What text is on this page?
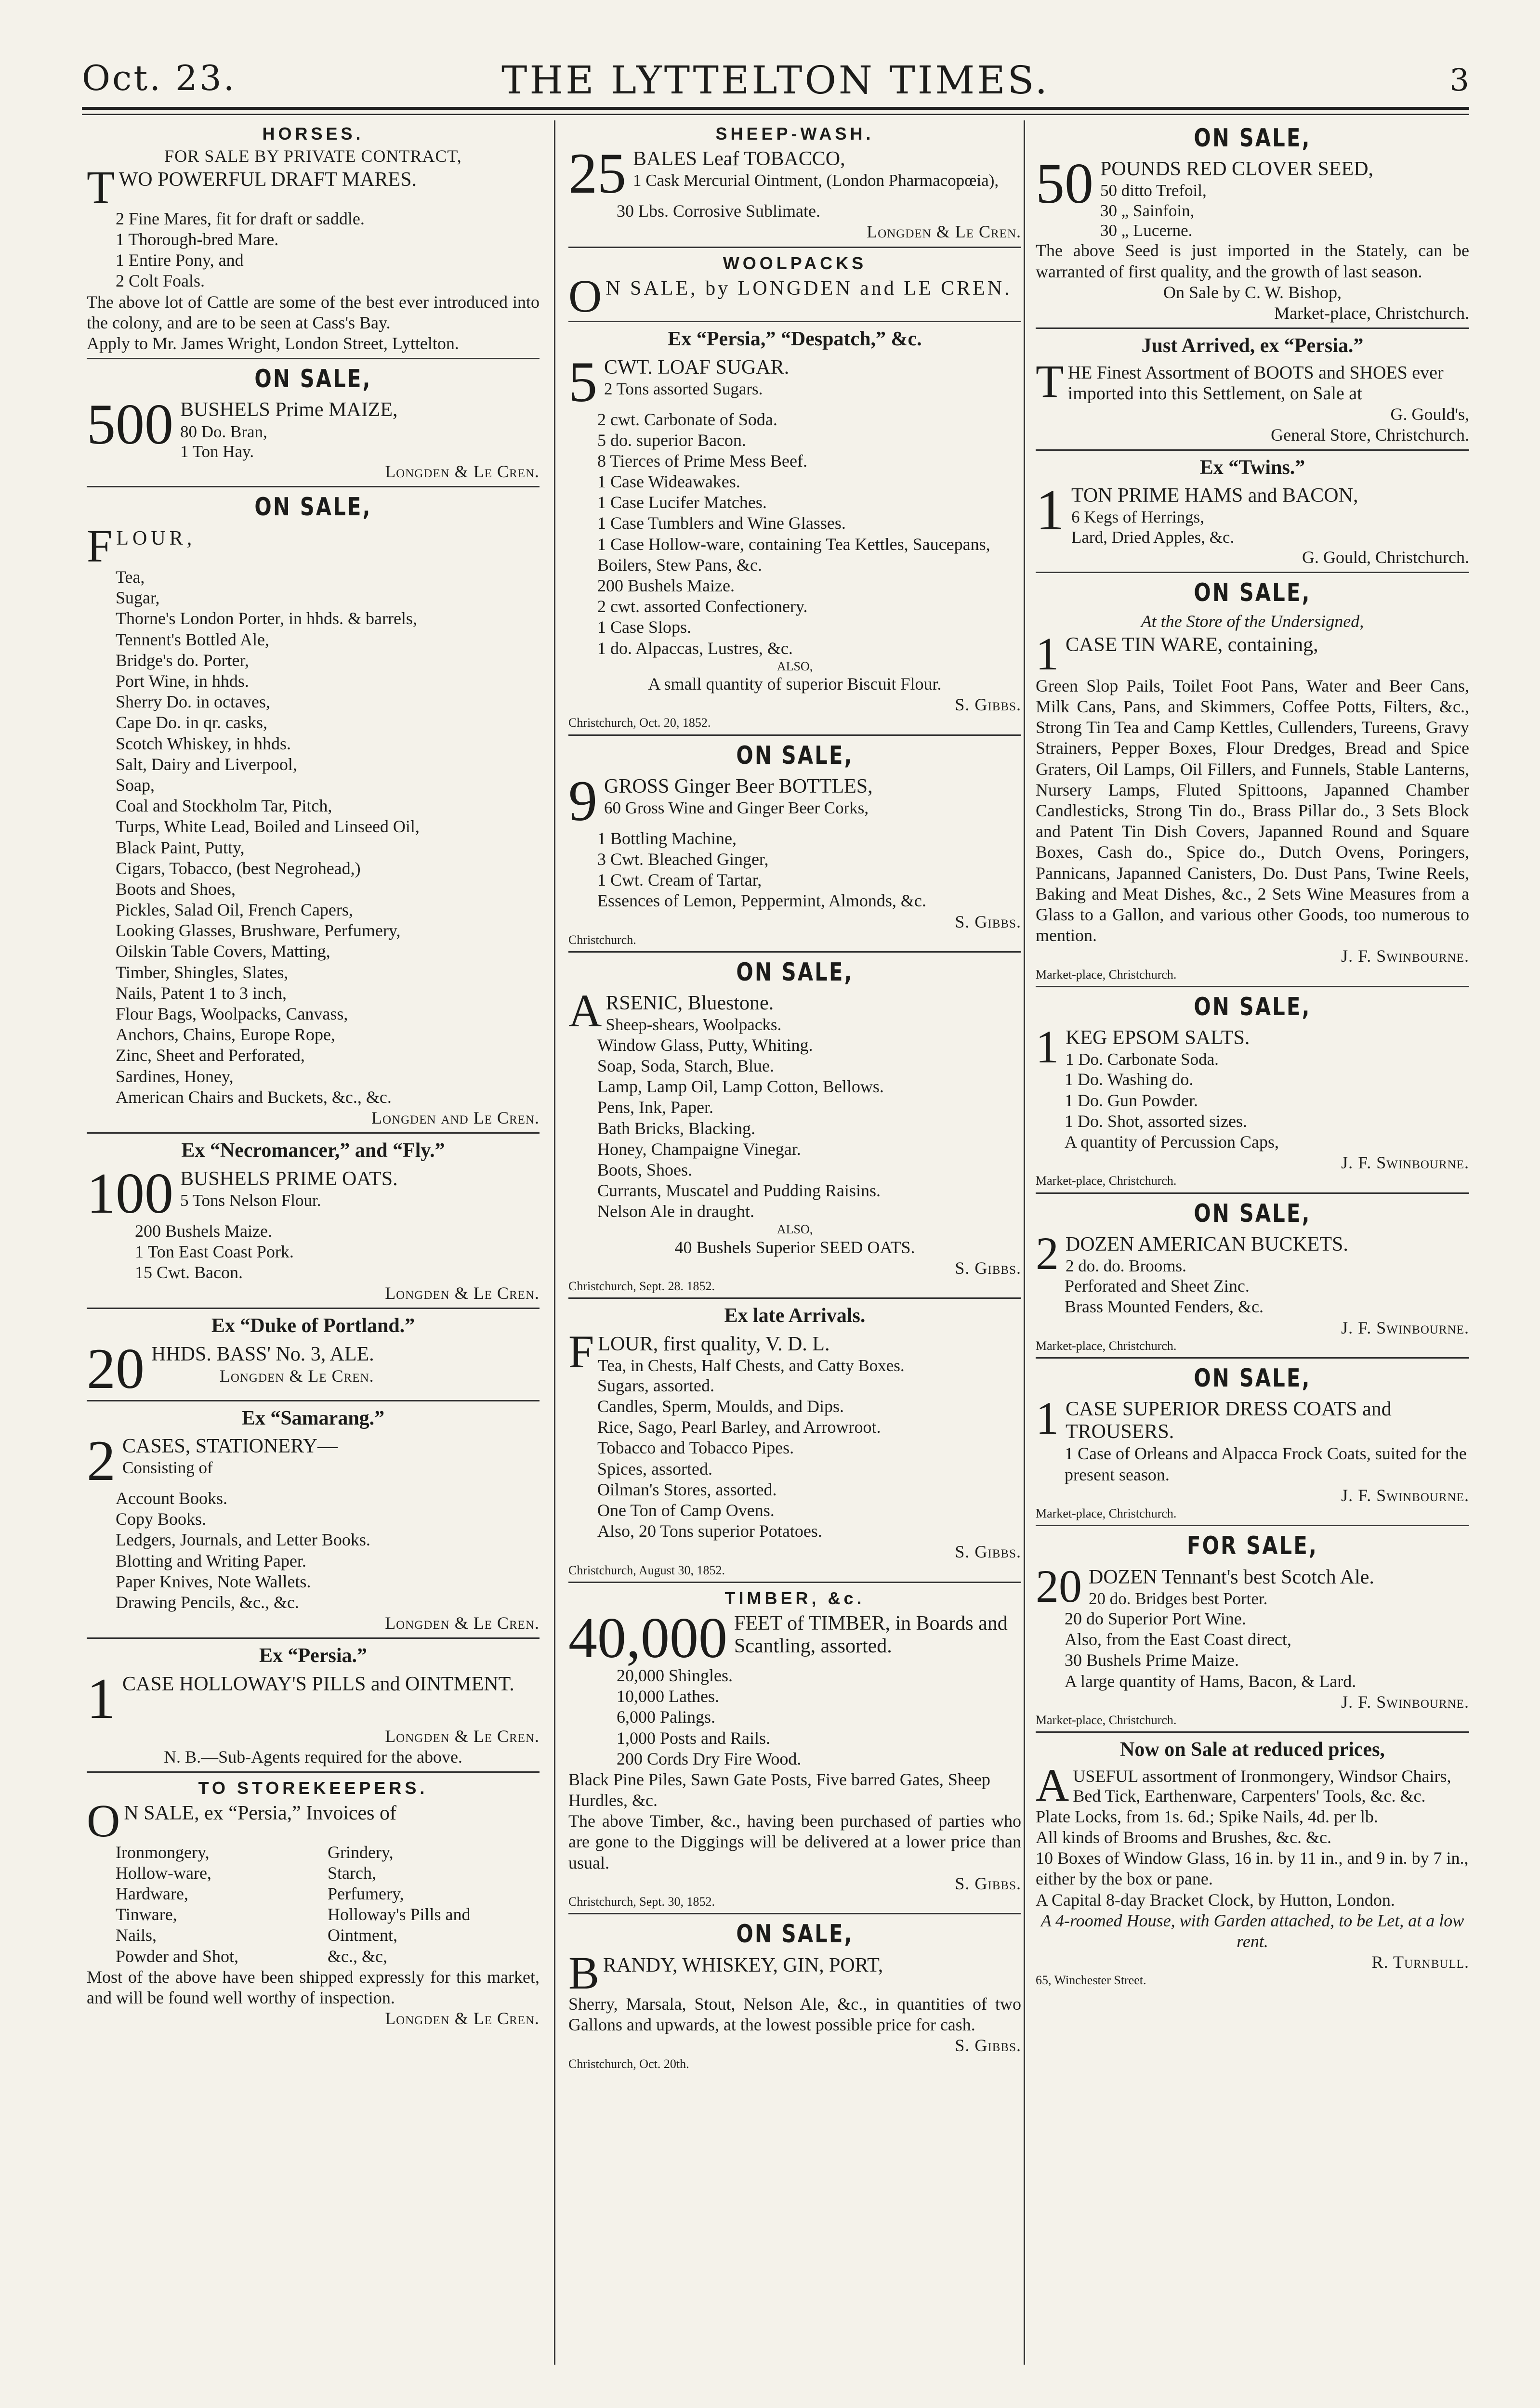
Oct. 23.	THE LYTTELTON TIMES.	3
HORSES.
FOR SALE BY PRIVATE CONTRACT,
T WO POWERFUL DRAFT MARES.
2 Fine Mares, fit for draft or saddle.
1 Thorough-bred Mare.
1 Entire Pony, and
2 Colt Foals.
The above lot of Cattle are some of the best ever introduced into the colony, and are to be seen at Cass's Bay.
Apply to Mr. James Wright, London Street, Lyttelton.
ON SALE,
500 BUSHELS Prime MAIZE,
80 Do. Bran,
1 Ton Hay.
Longden & Le Cren.
ON SALE,
F LOUR,
Tea,
Sugar,
Thorne's London Porter, in hhds. & barrels,
Tennent's Bottled Ale,
Bridge's do. Porter,
Port Wine, in hhds.
Sherry Do. in octaves,
Cape Do. in qr. casks,
Scotch Whiskey, in hhds.
Salt, Dairy and Liverpool,
Soap,
Coal and Stockholm Tar, Pitch,
Turps, White Lead, Boiled and Linseed Oil,
Black Paint, Putty,
Cigars, Tobacco, (best Negrohead,)
Boots and Shoes,
Pickles, Salad Oil, French Capers,
Looking Glasses, Brushware, Perfumery,
Oilskin Table Covers, Matting,
Timber, Shingles, Slates,
Nails, Patent 1 to 3 inch,
Flour Bags, Woolpacks, Canvass,
Anchors, Chains, Europe Rope,
Zinc, Sheet and Perforated,
Sardines, Honey,
American Chairs and Buckets, &c., &c.
Longden and Le Cren.
Ex “Necromancer,” and “Fly.”
100 BUSHELS PRIME OATS.
5 Tons Nelson Flour.
200 Bushels Maize.
1 Ton East Coast Pork.
15 Cwt. Bacon.
Longden & Le Cren.
Ex “Duke of Portland.”
20 HHDS. BASS' No. 3, ALE.
Longden & Le Cren.
Ex “Samarang.”
2 CASES, STATIONERY—
Consisting of
Account Books.
Copy Books.
Ledgers, Journals, and Letter Books.
Blotting and Writing Paper.
Paper Knives, Note Wallets.
Drawing Pencils, &c., &c.
Longden & Le Cren.
Ex “Persia.”
1 CASE HOLLOWAY'S PILLS and OINTMENT.
Longden & Le Cren.
N. B.—Sub-Agents required for the above.
TO STOREKEEPERS.
O N SALE, ex “Persia,” Invoices of
Ironmongery,	Grindery,
Hollow-ware,	Starch,
Hardware,	Perfumery,
Tinware,	Holloway's Pills and
Nails,	Ointment,
Powder and Shot,	&c., &c,
Most of the above have been shipped expressly for this market, and will be found well worthy of inspection.
Longden & Le Cren.
SHEEP-WASH.
25 BALES Leaf TOBACCO,
1 Cask Mercurial Ointment, (London Pharmacopœia),
30 Lbs. Corrosive Sublimate.
Longden & Le Cren.
WOOLPACKS
O N SALE, by LONGDEN and LE CREN.
Ex “Persia,” “Despatch,” &c.
5 CWT. LOAF SUGAR.
2 Tons assorted Sugars.
2 cwt. Carbonate of Soda.
5 do. superior Bacon.
8 Tierces of Prime Mess Beef.
1 Case Wideawakes.
1 Case Lucifer Matches.
1 Case Tumblers and Wine Glasses.
1 Case Hollow-ware, containing Tea Kettles, Saucepans, Boilers, Stew Pans, &c.
200 Bushels Maize.
2 cwt. assorted Confectionery.
1 Case Slops.
1 do. Alpaccas, Lustres, &c.
ALSO,
A small quantity of superior Biscuit Flour.
S. Gibbs.
Christchurch, Oct. 20, 1852.
ON SALE,
9 GROSS Ginger Beer BOTTLES,
60 Gross Wine and Ginger Beer Corks,
1 Bottling Machine,
3 Cwt. Bleached Ginger,
1 Cwt. Cream of Tartar,
Essences of Lemon, Peppermint, Almonds, &c.
S. Gibbs.
Christchurch.
ON SALE,
A RSENIC, Bluestone.
Sheep-shears, Woolpacks.
Window Glass, Putty, Whiting.
Soap, Soda, Starch, Blue.
Lamp, Lamp Oil, Lamp Cotton, Bellows.
Pens, Ink, Paper.
Bath Bricks, Blacking.
Honey, Champaigne Vinegar.
Boots, Shoes.
Currants, Muscatel and Pudding Raisins.
Nelson Ale in draught.
ALSO,
40 Bushels Superior SEED OATS.
S. Gibbs.
Christchurch, Sept. 28. 1852.
Ex late Arrivals.
F LOUR, first quality, V. D. L.
Tea, in Chests, Half Chests, and Catty Boxes.
Sugars, assorted.
Candles, Sperm, Moulds, and Dips.
Rice, Sago, Pearl Barley, and Arrowroot.
Tobacco and Tobacco Pipes.
Spices, assorted.
Oilman's Stores, assorted.
One Ton of Camp Ovens.
Also, 20 Tons superior Potatoes.
S. Gibbs.
Christchurch, August 30, 1852.
TIMBER, &c.
40,000 FEET of TIMBER, in Boards and Scantling, assorted.
20,000 Shingles.
10,000 Lathes.
6,000 Palings.
1,000 Posts and Rails.
200 Cords Dry Fire Wood.
Black Pine Piles, Sawn Gate Posts, Five barred Gates, Sheep Hurdles, &c.
The above Timber, &c., having been purchased of parties who are gone to the Diggings will be delivered at a lower price than usual.
S. Gibbs.
Christchurch, Sept. 30, 1852.
ON SALE,
B RANDY, WHISKEY, GIN, PORT,
Sherry, Marsala, Stout, Nelson Ale, &c., in quantities of two Gallons and upwards, at the lowest possible price for cash.
S. Gibbs.
Christchurch, Oct. 20th.
ON SALE,
50 POUNDS RED CLOVER SEED,
50 ditto Trefoil,
30 „ Sainfoin,
30 „ Lucerne.
The above Seed is just imported in the Stately, can be warranted of first quality, and the growth of last season.
On Sale by C. W. Bishop,
Market-place, Christchurch.
Just Arrived, ex “Persia.”
T HE Finest Assortment of BOOTS and SHOES ever imported into this Settlement, on Sale at
G. Gould's,
General Store, Christchurch.
Ex “Twins.”
1 TON PRIME HAMS and BACON,
6 Kegs of Herrings,
Lard, Dried Apples, &c.
G. Gould, Christchurch.
ON SALE,
At the Store of the Undersigned,
1 CASE TIN WARE, containing,
Green Slop Pails, Toilet Foot Pans, Water and Beer Cans, Milk Cans, Pans, and Skimmers, Coffee Potts, Filters, &c., Strong Tin Tea and Camp Kettles, Cullenders, Tureens, Gravy Strainers, Pepper Boxes, Flour Dredges, Bread and Spice Graters, Oil Lamps, Oil Fillers, and Funnels, Stable Lanterns, Nursery Lamps, Fluted Spittoons, Japanned Chamber Candlesticks, Strong Tin do., Brass Pillar do., 3 Sets Block and Patent Tin Dish Covers, Japanned Round and Square Boxes, Cash do., Spice do., Dutch Ovens, Poringers, Pannicans, Japanned Canisters, Do. Dust Pans, Twine Reels, Baking and Meat Dishes, &c., 2 Sets Wine Measures from a Glass to a Gallon, and various other Goods, too numerous to mention.
J. F. Swinbourne.
Market-place, Christchurch.
ON SALE,
1 KEG EPSOM SALTS.
1 Do. Carbonate Soda.
1 Do. Washing do.
1 Do. Gun Powder.
1 Do. Shot, assorted sizes.
A quantity of Percussion Caps,
J. F. Swinbourne.
Market-place, Christchurch.
ON SALE,
2 DOZEN AMERICAN BUCKETS.
2 do. do. Brooms.
Perforated and Sheet Zinc.
Brass Mounted Fenders, &c.
J. F. Swinbourne.
Market-place, Christchurch.
ON SALE,
1 CASE SUPERIOR DRESS COATS and TROUSERS.
1 Case of Orleans and Alpacca Frock Coats, suited for the present season.
J. F. Swinbourne.
Market-place, Christchurch.
FOR SALE,
20 DOZEN Tennant's best Scotch Ale.
20 do. Bridges best Porter.
20 do Superior Port Wine.
Also, from the East Coast direct,
30 Bushels Prime Maize.
A large quantity of Hams, Bacon, & Lard.
J. F. Swinbourne.
Market-place, Christchurch.
Now on Sale at reduced prices,
A USEFUL assortment of Ironmongery, Windsor Chairs, Bed Tick, Earthenware, Carpenters' Tools, &c. &c.
Plate Locks, from 1s. 6d.; Spike Nails, 4d. per lb.
All kinds of Brooms and Brushes, &c. &c.
10 Boxes of Window Glass, 16 in. by 11 in., and 9 in. by 7 in., either by the box or pane.
A Capital 8-day Bracket Clock, by Hutton, London.
A 4-roomed House, with Garden attached, to be Let, at a low rent.
R. Turnbull.
65, Winchester Street.
